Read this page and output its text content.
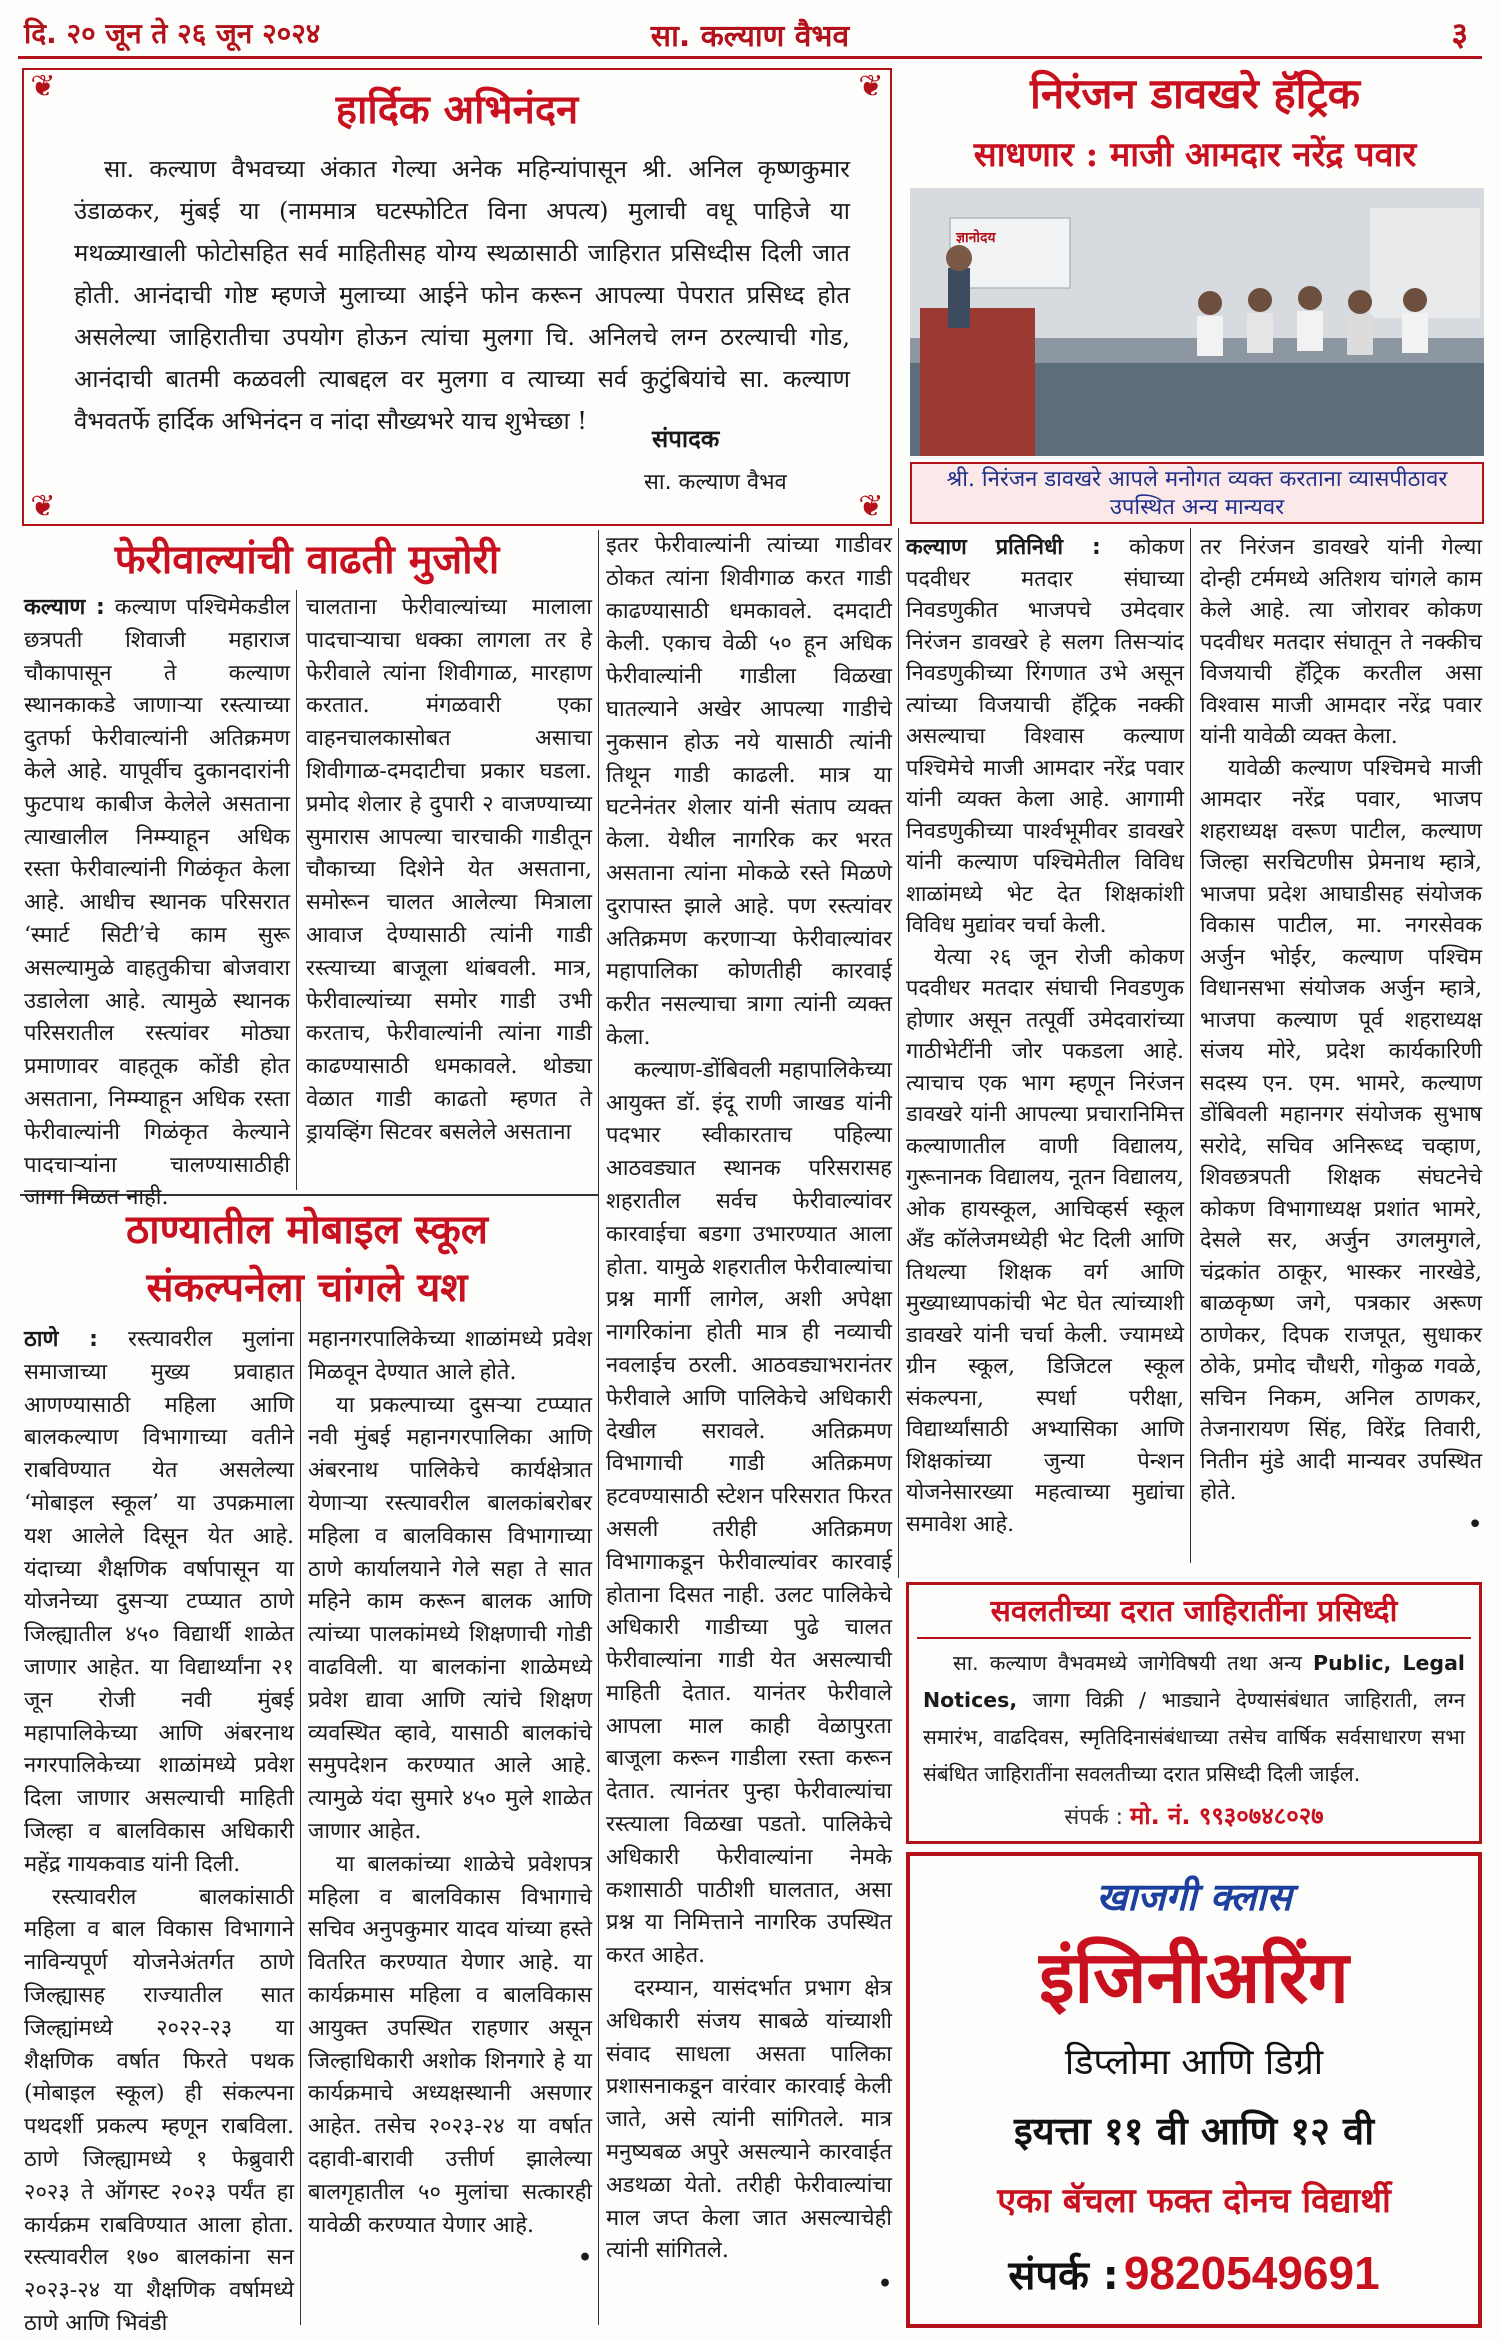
दि. २० जून ते २६ जून २०२४	सा. कल्याण वैभव	३
❦	❦
❦	❦
हार्दिक अभिनंदन
सा. कल्याण वैभवच्या अंकात गेल्या अनेक महिन्यांपासून श्री. अनिल कृष्णकुमार उंडाळकर, मुंबई या (नाममात्र घटस्फोटित विना अपत्य) मुलाची वधू पाहिजे या मथळ्याखाली फोटोसहित सर्व माहितीसह योग्य स्थळासाठी जाहिरात प्रसिध्दीस दिली जात होती. आनंदाची गोष्ट म्हणजे मुलाच्या आईने फोन करून आपल्या पेपरात प्रसिध्द होत असलेल्या जाहिरातीचा उपयोग होऊन त्यांचा मुलगा चि. अनिलचे लग्न ठरल्याची गोड, आनंदाची बातमी कळवली त्याबद्दल वर मुलगा व त्याच्या सर्व कुटुंबियांचे सा. कल्याण वैभवतर्फे हार्दिक अभिनंदन व नांदा सौख्यभरे याच शुभेच्छा !
संपादक
सा. कल्याण वैभव
निरंजन डावखरे हॅट्रिक
साधणार : माजी आमदार नरेंद्र पवार
ज्ञानोदय
श्री. निरंजन डावखरे आपले मनोगत व्यक्त करताना व्यासपीठावर उपस्थित अन्य मान्यवर

कल्याण प्रतिनिधी : कोकण पदवीधर मतदार संघाच्या निवडणुकीत भाजपचे उमेदवार निरंजन डावखरे हे सलग तिसऱ्यांद निवडणुकीच्या रिंगणात उभे असून त्यांच्या विजयाची हॅट्रिक नक्की असल्याचा विश्वास कल्याण पश्चिमेचे माजी आमदार नरेंद्र पवार यांनी व्यक्त केला आहे. आगामी निवडणुकीच्या पार्श्वभूमीवर डावखरे यांनी कल्याण पश्चिमेतील विविध शाळांमध्ये भेट देत शिक्षकांशी विविध मुद्यांवर चर्चा केली.

येत्या २६ जून रोजी कोकण पदवीधर मतदार संघाची निवडणुक होणार असून तत्पूर्वी उमेदवारांच्या गाठीभेटींनी जोर पकडला आहे. त्याचाच एक भाग म्हणून निरंजन डावखरे यांनी आपल्या प्रचारानिमित्त कल्याणातील वाणी विद्यालय, गुरूनानक विद्यालय, नूतन विद्यालय, ओक हायस्कूल, आचिव्हर्स स्कूल अँड कॉलेजमध्येही भेट दिली आणि तिथल्या शिक्षक वर्ग आणि मुख्याध्यापकांची भेट घेत त्यांच्याशी डावखरे यांनी चर्चा केली. ज्यामध्ये ग्रीन स्कूल, डिजिटल स्कूल संकल्पना, स्पर्धा परीक्षा, विद्यार्थ्यांसाठी अभ्यासिका आणि शिक्षकांच्या जुन्या पेन्शन योजनेसारख्या महत्वाच्या मुद्यांचा समावेश आहे.

तर निरंजन डावखरे यांनी गेल्या दोन्ही टर्ममध्ये अतिशय चांगले काम केले आहे. त्या जोरावर कोकण पदवीधर मतदार संघातून ते नक्कीच विजयाची हॅट्रिक करतील असा विश्वास माजी आमदार नरेंद्र पवार यांनी यावेळी व्यक्त केला.

यावेळी कल्याण पश्चिमचे माजी आमदार नरेंद्र पवार, भाजप शहराध्यक्ष वरूण पाटील, कल्याण जिल्हा सरचिटणीस प्रेमनाथ म्हात्रे, भाजपा प्रदेश आघाडीसह संयोजक विकास पाटील, मा. नगरसेवक अर्जुन भोईर, कल्याण पश्चिम विधानसभा संयोजक अर्जुन म्हात्रे, भाजपा कल्याण पूर्व शहराध्यक्ष संजय मोरे, प्रदेश कार्यकारिणी सदस्य एन. एम. भामरे, कल्याण डोंबिवली महानगर संयोजक सुभाष सरोदे, सचिव अनिरूध्द चव्हाण, शिवछत्रपती शिक्षक संघटनेचे कोकण विभागाध्यक्ष प्रशांत भामरे, देसले सर, अर्जुन उगलमुगले, चंद्रकांत ठाकूर, भास्कर नारखेडे, बाळकृष्ण जगे, पत्रकार अरूण ठाणेकर, दिपक राजपूत, सुधाकर ठोके, प्रमोद चौधरी, गोकुळ गवळे, सचिन निकम, अनिल ठाणकर, तेजनारायण सिंह, विरेंद्र तिवारी, नितीन मुंडे आदी मान्यवर उपस्थित होते.

•
फेरीवाल्यांची वाढती मुजोरी

कल्याण : कल्याण पश्चिमेकडील छत्रपती शिवाजी महाराज चौकापासून ते कल्याण स्थानकाकडे जाणाऱ्या रस्त्याच्या दुतर्फा फेरीवाल्यांनी अतिक्रमण केले आहे. यापूर्वीच दुकानदारांनी फुटपाथ काबीज केलेले असताना त्याखालील निम्म्याहून अधिक रस्ता फेरीवाल्यांनी गिळंकृत केला आहे. आधीच स्थानक परिसरात ‘स्मार्ट सिटी’चे काम सुरू असल्यामुळे वाहतुकीचा बोजवारा उडालेला आहे. त्यामुळे स्थानक परिसरातील रस्त्यांवर मोठ्या प्रमाणावर वाहतूक कोंडी होत असताना, निम्म्याहून अधिक रस्ता फेरीवाल्यांनी गिळंकृत केल्याने पादचाऱ्यांना चालण्यासाठीही जागा मिळत नाही.

चालताना फेरीवाल्यांच्या मालाला पादचाऱ्याचा धक्का लागला तर हे फेरीवाले त्यांना शिवीगाळ, मारहाण करतात. मंगळवारी एका वाहनचालकासोबत असाचा शिवीगाळ-दमदाटीचा प्रकार घडला. प्रमोद शेलार हे दुपारी २ वाजण्याच्या सुमारास आपल्या चारचाकी गाडीतून चौकाच्या दिशेने येत असताना, समोरून चालत आलेल्या मित्राला आवाज देण्यासाठी त्यांनी गाडी रस्त्याच्या बाजूला थांबवली. मात्र, फेरीवाल्यांच्या समोर गाडी उभी करताच, फेरीवाल्यांनी त्यांना गाडी काढण्यासाठी धमकावले. थोड्या वेळात गाडी काढतो म्हणत ते ड्रायव्हिंग सिटवर बसलेले असताना

इतर फेरीवाल्यांनी त्यांच्या गाडीवर ठोकत त्यांना शिवीगाळ करत गाडी काढण्यासाठी धमकावले. दमदाटी केली. एकाच वेळी ५० हून अधिक फेरीवाल्यांनी गाडीला विळखा घातल्याने अखेर आपल्या गाडीचे नुकसान होऊ नये यासाठी त्यांनी तिथून गाडी काढली. मात्र या घटनेनंतर शेलार यांनी संताप व्यक्त केला. येथील नागरिक कर भरत असताना त्यांना मोकळे रस्ते मिळणे दुरापास्त झाले आहे. पण रस्त्यांवर अतिक्रमण करणाऱ्या फेरीवाल्यांवर महापालिका कोणतीही कारवाई करीत नसल्याचा त्रागा त्यांनी व्यक्त केला.

कल्याण-डोंबिवली महापालिकेच्या आयुक्त डॉ. इंदू राणी जाखड यांनी पदभार स्वीकारताच पहिल्या आठवड्यात स्थानक परिसरासह शहरातील सर्वच फेरीवाल्यांवर कारवाईचा बडगा उभारण्यात आला होता. यामुळे शहरातील फेरीवाल्यांचा प्रश्न मार्गी लागेल, अशी अपेक्षा नागरिकांना होती मात्र ही नव्याची नवलाईच ठरली. आठवड्याभरानंतर फेरीवाले आणि पालिकेचे अधिकारी देखील सरावले. अतिक्रमण विभागाची गाडी अतिक्रमण हटवण्यासाठी स्टेशन परिसरात फिरत असली तरीही अतिक्रमण विभागाकडून फेरीवाल्यांवर कारवाई होताना दिसत नाही. उलट पालिकेचे अधिकारी गाडीच्या पुढे चालत फेरीवाल्यांना गाडी येत असल्याची माहिती देतात. यानंतर फेरीवाले आपला माल काही वेळापुरता बाजूला करून गाडीला रस्ता करून देतात. त्यानंतर पुन्हा फेरीवाल्यांचा रस्त्याला विळखा पडतो. पालिकेचे अधिकारी फेरीवाल्यांना नेमके कशासाठी पाठीशी घालतात, असा प्रश्न या निमित्ताने नागरिक उपस्थित करत आहेत.

दरम्यान, यासंदर्भात प्रभाग क्षेत्र अधिकारी संजय साबळे यांच्याशी संवाद साधला असता पालिका प्रशासनाकडून वारंवार कारवाई केली जाते, असे त्यांनी सांगितले. मात्र मनुष्यबळ अपुरे असल्याने कारवाईत अडथळा येतो. तरीही फेरीवाल्यांचा माल जप्त केला जात असल्याचेही त्यांनी सांगितले.

•
ठाण्यातील मोबाइल स्कूल
संकल्पनेला चांगले यश

ठाणे : रस्त्यावरील मुलांना समाजाच्या मुख्य प्रवाहात आणण्यासाठी महिला आणि बालकल्याण विभागाच्या वतीने राबविण्यात येत असलेल्या ‘मोबाइल स्कूल’ या उपक्रमाला यश आलेले दिसून येत आहे. यंदाच्या शैक्षणिक वर्षापासून या योजनेच्या दुसऱ्या टप्प्यात ठाणे जिल्ह्यातील ४५० विद्यार्थी शाळेत जाणार आहेत. या विद्यार्थ्यांना २१ जून रोजी नवी मुंबई महापालिकेच्या आणि अंबरनाथ नगरपालिकेच्या शाळांमध्ये प्रवेश दिला जाणार असल्याची माहिती जिल्हा व बालविकास अधिकारी महेंद्र गायकवाड यांनी दिली.

रस्त्यावरील बालकांसाठी महिला व बाल विकास विभागाने नाविन्यपूर्ण योजनेअंतर्गत ठाणे जिल्ह्यासह राज्यातील सात जिल्ह्यांमध्ये २०२२-२३ या शैक्षणिक वर्षात फिरते पथक (मोबाइल स्कूल) ही संकल्पना पथदर्शी प्रकल्प म्हणून राबविला. ठाणे जिल्ह्यामध्ये १ फेब्रुवारी २०२३ ते ऑगस्ट २०२३ पर्यंत हा कार्यक्रम राबविण्यात आला होता. रस्त्यावरील १७० बालकांना सन २०२३-२४ या शैक्षणिक वर्षामध्ये ठाणे आणि भिवंडी

महानगरपालिकेच्या शाळांमध्ये प्रवेश मिळवून देण्यात आले होते.

या प्रकल्पाच्या दुसऱ्या टप्प्यात नवी मुंबई महानगरपालिका आणि अंबरनाथ पालिकेचे कार्यक्षेत्रात येणाऱ्या रस्त्यावरील बालकांबरोबर महिला व बालविकास विभागाच्या ठाणे कार्यालयाने गेले सहा ते सात महिने काम करून बालक आणि त्यांच्या पालकांमध्ये शिक्षणाची गोडी वाढविली. या बालकांना शाळेमध्ये प्रवेश द्यावा आणि त्यांचे शिक्षण व्यवस्थित व्हावे, यासाठी बालकांचे समुपदेशन करण्यात आले आहे. त्यामुळे यंदा सुमारे ४५० मुले शाळेत जाणार आहेत.

या बालकांच्या शाळेचे प्रवेशपत्र महिला व बालविकास विभागाचे सचिव अनुपकुमार यादव यांच्या हस्ते वितरित करण्यात येणार आहे. या कार्यक्रमास महिला व बालविकास आयुक्त उपस्थित राहणार असून जिल्हाधिकारी अशोक शिनगारे हे या कार्यक्रमाचे अध्यक्षस्थानी असणार आहेत. तसेच २०२३-२४ या वर्षात दहावी-बारावी उत्तीर्ण झालेल्या बालगृहातील ५० मुलांचा सत्कारही यावेळी करण्यात येणार आहे.

•
सवलतीच्या दरात जाहिरातींना प्रसिध्दी
सा. कल्याण वैभवमध्ये जागेविषयी तथा अन्य Public, Legal Notices, जागा विक्री / भाड्याने देण्यासंबंधात जाहिराती, लग्न समारंभ, वाढदिवस, स्मृतिदिनासंबंधाच्या तसेच वार्षिक सर्वसाधारण सभा संबंधित जाहिरातींना सवलतीच्या दरात प्रसिध्दी दिली जाईल.
संपर्क : मो. नं. ९९३०७४८०२७
खाजगी क्लास
इंजिनीअरिंग
डिप्लोमा आणि डिग्री
इयत्ता ११ वी आणि १२ वी
एका बॅचला फक्त दोनच विद्यार्थी
संपर्क : 9820549691
